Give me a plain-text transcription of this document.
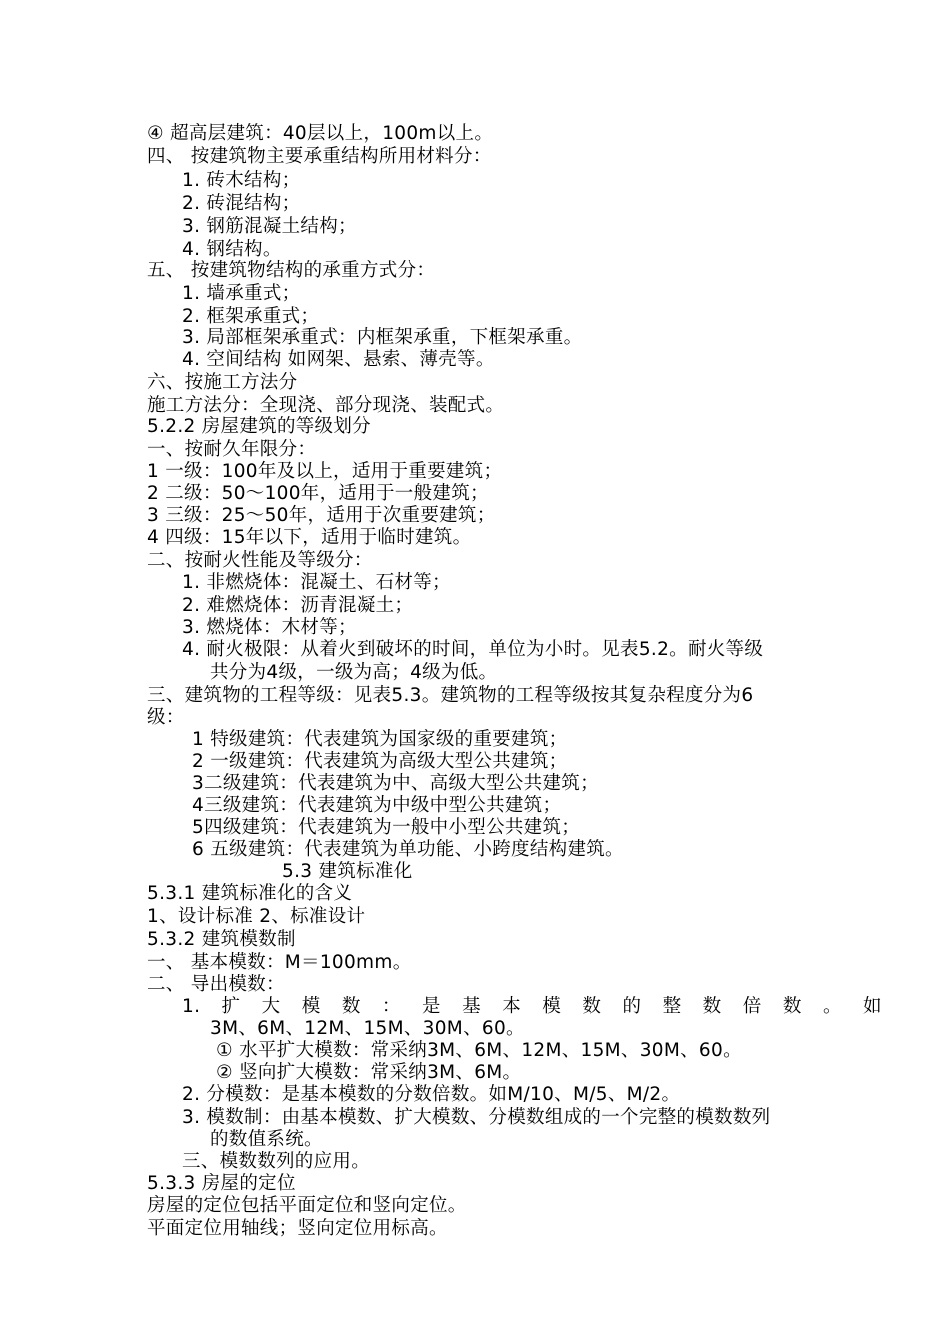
④ 超高层建筑：40层以上，100m以上。
四、 按建筑物主要承重结构所用材料分：
1. 砖木结构；
2. 砖混结构；
3. 钢筋混凝土结构；
4. 钢结构。
五、 按建筑物结构的承重方式分：
1. 墙承重式；
2. 框架承重式；
3. 局部框架承重式：内框架承重，下框架承重。
4. 空间结构 如网架、悬索、薄壳等。
六、按施工方法分
施工方法分：全现浇、部分现浇、装配式。
5.2.2 房屋建筑的等级划分
一、按耐久年限分：
1 一级：100年及以上，适用于重要建筑；
2 二级：50～100年，适用于一般建筑；
3 三级：25～50年，适用于次重要建筑；
4 四级：15年以下，适用于临时建筑。
二、按耐火性能及等级分：
1. 非燃烧体：混凝土、石材等；
2. 难燃烧体：沥青混凝土；
3. 燃烧体：木材等；
4. 耐火极限：从着火到破坏的时间，单位为小时。见表5.2。耐火等级
共分为4级，一级为高；4级为低。
三、建筑物的工程等级：见表5.3。建筑物的工程等级按其复杂程度分为6
级：
1 特级建筑：代表建筑为国家级的重要建筑；
2 一级建筑：代表建筑为高级大型公共建筑；
3二级建筑：代表建筑为中、高级大型公共建筑；
4三级建筑：代表建筑为中级中型公共建筑；
5四级建筑：代表建筑为一般中小型公共建筑；
6 五级建筑：代表建筑为单功能、小跨度结构建筑。
5.3 建筑标准化
5.3.1 建筑标准化的含义
1、设计标准 2、标准设计
5.3.2 建筑模数制
一、 基本模数：M＝100mm。
二、 导出模数：
1. 扩 大 模 数 ： 是 基 本 模 数 的 整 数 倍 数 。 如
3M、6M、12M、15M、30M、60。
① 水平扩大模数：常采纳3M、6M、12M、15M、30M、60。
② 竖向扩大模数：常采纳3M、6M。
2. 分模数：是基本模数的分数倍数。如M/10、M/5、M/2。
3. 模数制：由基本模数、扩大模数、分模数组成的一个完整的模数数列
的数值系统。
三、模数数列的应用。
5.3.3 房屋的定位
房屋的定位包括平面定位和竖向定位。
平面定位用轴线；竖向定位用标高。
